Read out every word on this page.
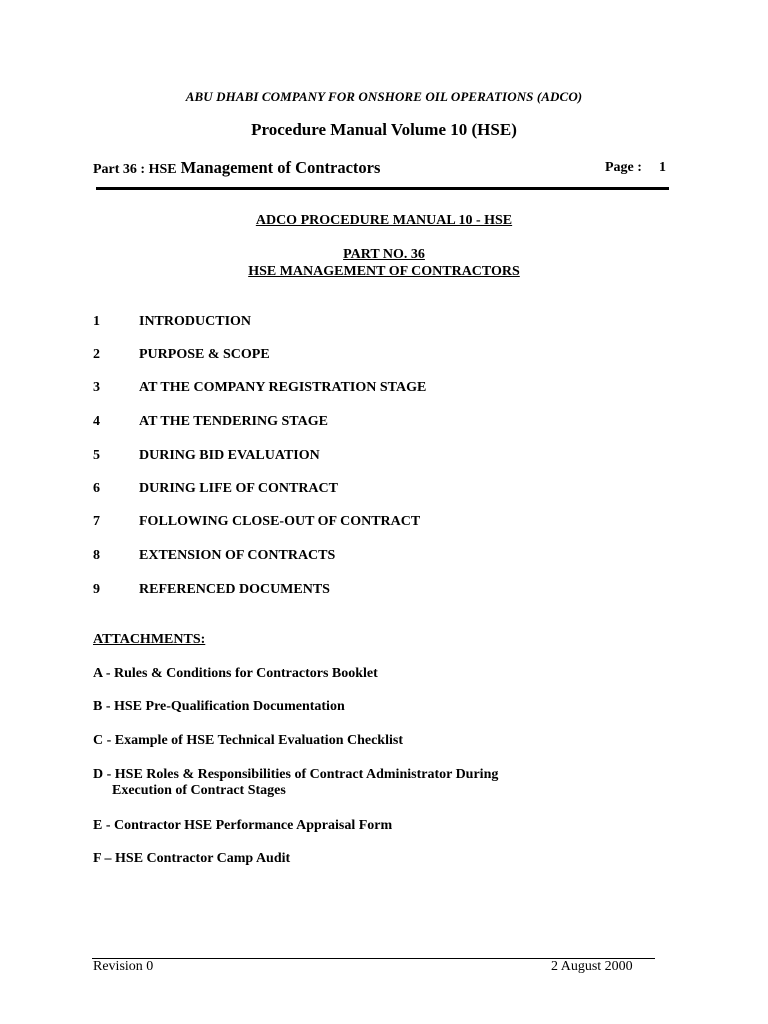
ABU DHABI COMPANY FOR ONSHORE OIL OPERATIONS (ADCO)
Procedure Manual Volume 10 (HSE)
Part 36 : HSE Management of Contractors	Page : 1
ADCO PROCEDURE MANUAL 10 - HSE
PART NO. 36
HSE MANAGEMENT OF CONTRACTORS
1	INTRODUCTION
2	PURPOSE & SCOPE
3	AT THE COMPANY REGISTRATION STAGE
4	AT THE TENDERING STAGE
5	DURING BID EVALUATION
6	DURING LIFE OF CONTRACT
7	FOLLOWING CLOSE-OUT OF CONTRACT
8	EXTENSION OF CONTRACTS
9	REFERENCED DOCUMENTS
ATTACHMENTS:
A - Rules & Conditions for Contractors Booklet
B - HSE Pre-Qualification Documentation
C - Example of HSE Technical Evaluation Checklist
D - HSE Roles & Responsibilities of Contract Administrator During
Execution of Contract Stages
E - Contractor HSE Performance Appraisal Form
F – HSE Contractor Camp Audit
Revision 0	2 August 2000
